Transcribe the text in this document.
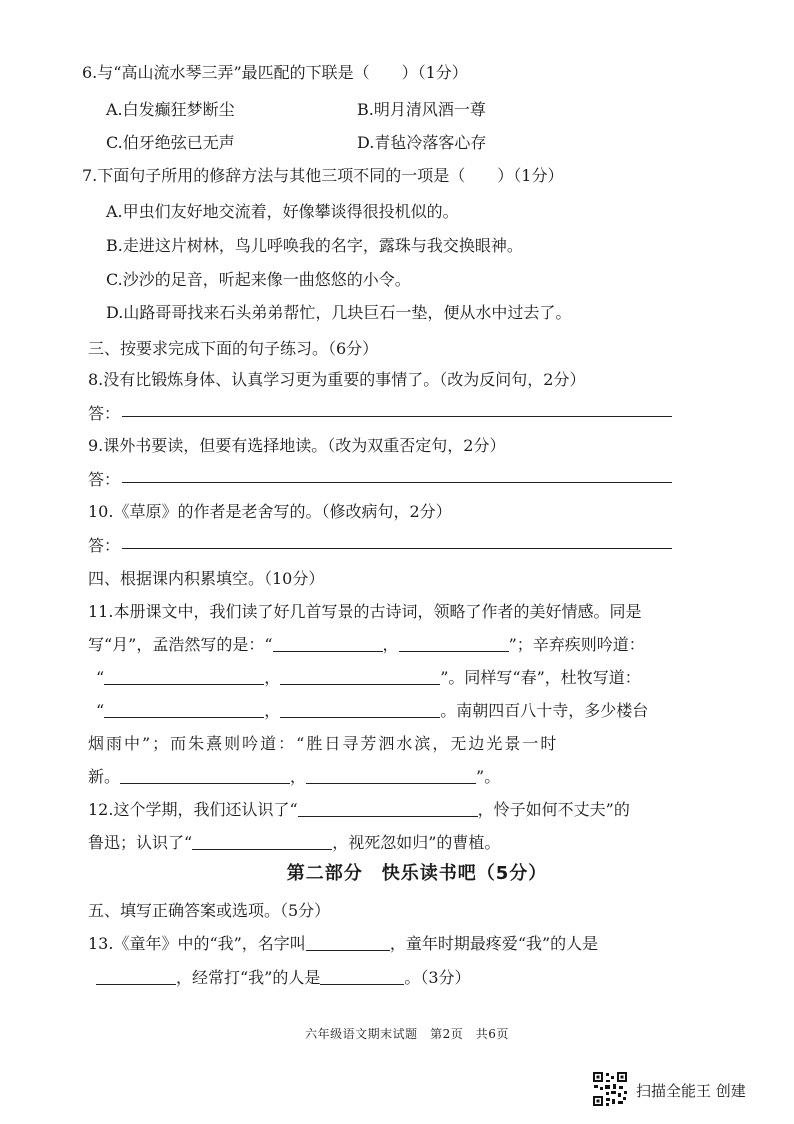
6.与“高山流水琴三弄”最匹配的下联是（　　）（1分）
A.白发癫狂梦断尘	B.明月清风酒一尊
C.伯牙绝弦已无声	D.青毡冷落客心存
7.下面句子所用的修辞方法与其他三项不同的一项是（　　）（1分）
A.甲虫们友好地交流着，好像攀谈得很投机似的。
B.走进这片树林，鸟儿呼唤我的名字，露珠与我交换眼神。
C.沙沙的足音，听起来像一曲悠悠的小令。
D.山路哥哥找来石头弟弟帮忙，几块巨石一垫，便从水中过去了。
三、按要求完成下面的句子练习。（6分）
8.没有比锻炼身体、认真学习更为重要的事情了。（改为反问句，2分）
答：
9.课外书要读，但要有选择地读。（改为双重否定句，2分）
答：
10.《草原》的作者是老舍写的。（修改病句，2分）
答：
四、根据课内积累填空。（10分）
11.本册课文中，我们读了好几首写景的古诗词，领略了作者的美好情感。同是
写“月”，孟浩然写的是：“	，	”；辛弃疾则吟道：
“	，	”。同样写“春”，杜牧写道：
“	，	。南朝四百八十寺，多少楼台
烟雨中”；而朱熹则吟道：“胜日寻芳泗水滨，无边光景一时
新。	，	”。
12.这个学期，我们还认识了“	，怜子如何不丈夫”的
鲁迅；认识了“	，视死忽如归”的曹植。
第二部分　快乐读书吧（5分）
五、填写正确答案或选项。（5分）
13.《童年》中的“我”，名字叫	，童年时期最疼爱“我”的人是
，经常打“我”的人是	。（3分）
六年级语文期末试题　第2页　共6页
扫描全能王 创建
